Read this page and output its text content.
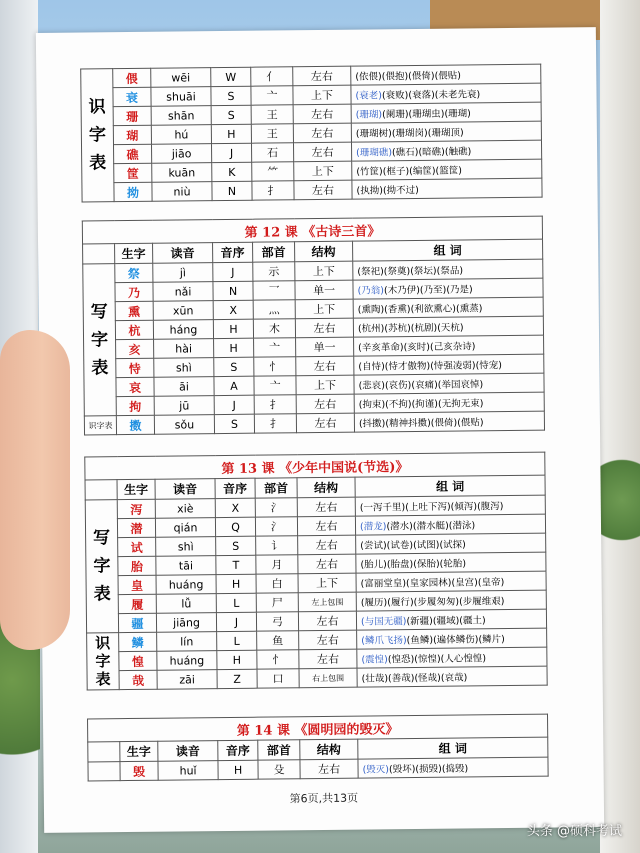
识
字
表	偎	wēi	W	亻	左右	(依偎)(偎抱)(偎倚)(偎贴)
	衰	shuāi	S	亠	上下	(衰老)(衰败)(衰落)(未老先衰)
	珊	shān	S	王	左右	(珊瑚)(阑珊)(珊瑚虫)(珊瑚)
	瑚	hú	H	王	左右	(珊瑚树)(珊瑚岗)(珊瑚顶)
	礁	jiāo	J	石	左右	(珊瑚礁)(礁石)(暗礁)(触礁)
	筐	kuān	K	⺮	上下	(竹筐)(框子)(编筐)(篮筐)
	拗	niù	N	扌	左右	(执拗)(拗不过)
第 12 课 《古诗三首》						
	生字	读音	音序	部首	结构	组 词
写
字
表	祭	jì	J	示	上下	(祭祀)(祭奠)(祭坛)(祭品)
	乃	nǎi	N	乛	单一	(乃翁)(木乃伊)(乃至)(乃是)
	熏	xūn	X	灬	上下	(熏陶)(香熏)(利欲熏心)(熏蒸)
	杭	háng	H	木	左右	(杭州)(苏杭)(杭剧)(天杭)
	亥	hài	H	亠	单一	(辛亥革命)(亥时)(己亥杂诗)
	恃	shì	S	忄	左右	(自恃)(恃才傲物)(恃强凌弱)(恃宠)
	哀	āi	A	亠	上下	(悲哀)(哀伤)(哀痛)(举国哀悼)
	拘	jū	J	扌	左右	(拘束)(不拘)(拘谨)(无拘无束)
识字表	擞	sǒu	S	扌	左右	(抖擞)(精神抖擞)(偎倚)(偎贴)
第 13 课 《少年中国说(节选)》						
	生字	读音	音序	部首	结构	组 词
写
字
表	泻	xiè	X	氵	左右	(一泻千里)(上吐下泻)(倾泻)(腹泻)
	潜	qián	Q	氵	左右	(潜龙)(潜水)(潜水艇)(潜泳)
	试	shì	S	讠	左右	(尝试)(试卷)(试图)(试探)
	胎	tāi	T	月	左右	(胎儿)(胎盘)(保胎)(轮胎)
	皇	huáng	H	白	上下	(富丽堂皇)(皇家园林)(皇宫)(皇帝)
	履	lǚ	L	尸	左上包围	(履历)(履行)(步履匆匆)(步履维艰)
	疆	jiāng	J	弓	左右	(与国无疆)(新疆)(疆域)(疆土)
识
字
表	鳞	lín	L	鱼	左右	(鳞爪飞扬)(鱼鳞)(遍体鳞伤)(鳞片)
	惶	huáng	H	忄	左右	(震惶)(惶恐)(惊惶)(人心惶惶)
	哉	zāi	Z	口	右上包围	(壮哉)(善哉)(怪哉)(哀哉)
第 14 课 《圆明园的毁灭》						
	生字	读音	音序	部首	结构	组 词
	毁	huǐ	H	殳	左右	(毁灭)(毁坏)(损毁)(捣毁)
第6页,共13页
头条 @硕科考试
